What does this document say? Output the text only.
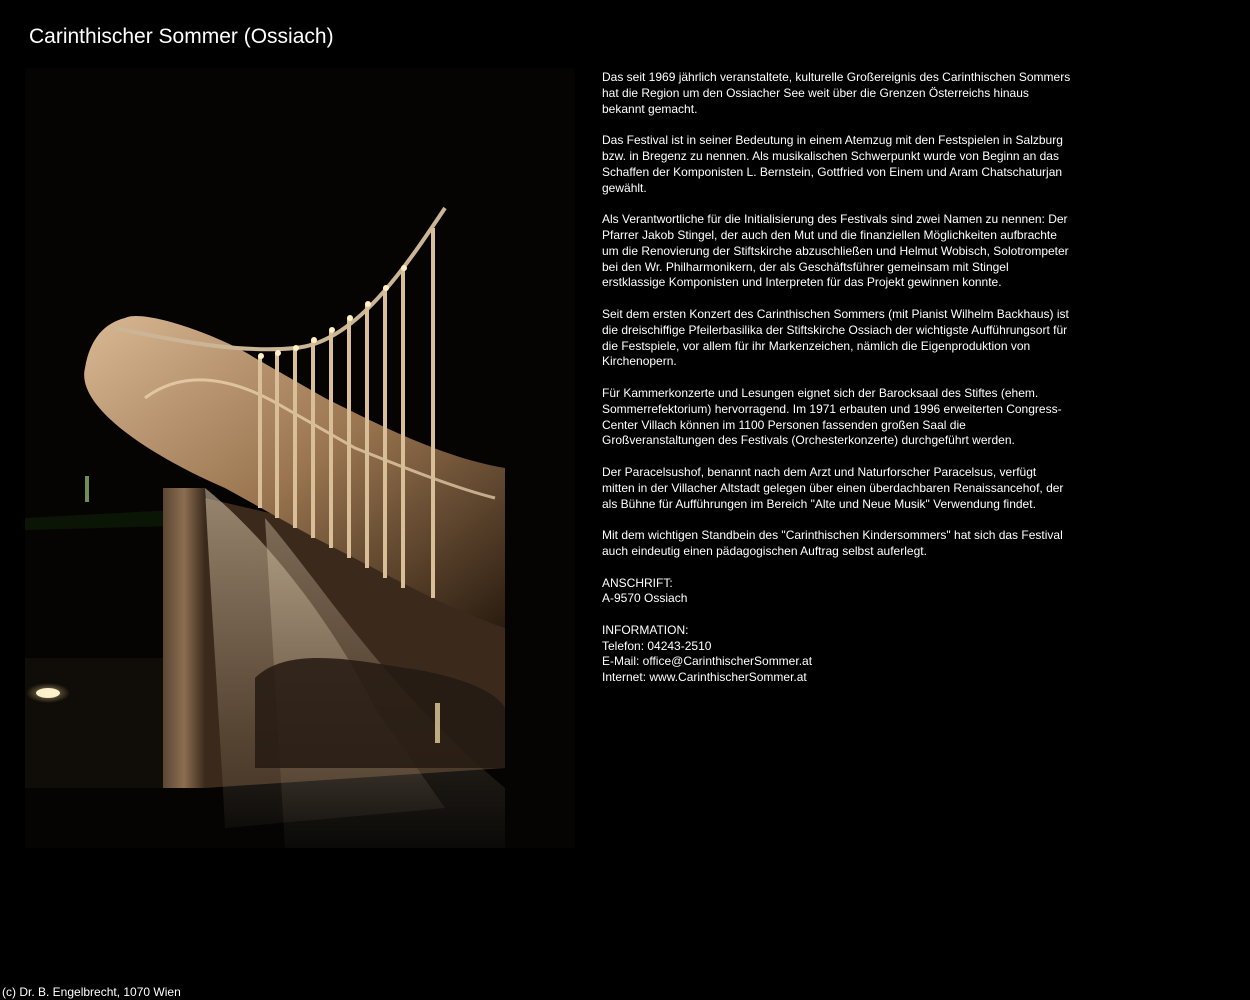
Carinthischer Sommer (Ossiach)

Das seit 1969 jährlich veranstaltete, kulturelle Großereignis des Carinthischen Sommers hat die Region um den Ossiacher See weit über die Grenzen Österreichs hinaus bekannt gemacht.

Das Festival ist in seiner Bedeutung in einem Atemzug mit den Festspielen in Salzburg bzw. in Bregenz zu nennen. Als musikalischen Schwerpunkt wurde von Beginn an das Schaffen der Komponisten L. Bernstein, Gottfried von Einem und Aram Chatschaturjan gewählt.

Als Verantwortliche für die Initialisierung des Festivals sind zwei Namen zu nennen: Der Pfarrer Jakob Stingel, der auch den Mut und die finanziellen Möglichkeiten aufbrachte um die Renovierung der Stiftskirche abzuschließen und Helmut Wobisch, Solotrompeter bei den Wr. Philharmonikern, der als Geschäftsführer gemeinsam mit Stingel erstklassige Komponisten und Interpreten für das Projekt gewinnen konnte.

Seit dem ersten Konzert des Carinthischen Sommers (mit Pianist Wilhelm Backhaus) ist die dreischiffige Pfeilerbasilika der Stiftskirche Ossiach der wichtigste Aufführungsort für die Festspiele, vor allem für ihr Markenzeichen, nämlich die Eigenproduktion von Kirchenopern.

Für Kammerkonzerte und Lesungen eignet sich der Barocksaal des Stiftes (ehem. Sommerrefektorium) hervorragend. Im 1971 erbauten und 1996 erweiterten Congress-Center Villach können im 1100 Personen fassenden großen Saal die Großveranstaltungen des Festivals (Orchesterkonzerte) durchgeführt werden.

Der Paracelsushof, benannt nach dem Arzt und Naturforscher Paracelsus, verfügt mitten in der Villacher Altstadt gelegen über einen überdachbaren Renaissancehof, der als Bühne für Aufführungen im Bereich "Alte und Neue Musik" Verwendung findet.

Mit dem wichtigen Standbein des "Carinthischen Kindersommers" hat sich das Festival auch eindeutig einen pädagogischen Auftrag selbst auferlegt.

ANSCHRIFT:
A-9570 Ossiach
INFORMATION:
Telefon: 04243-2510
E-Mail: office@CarinthischerSommer.at
Internet: www.CarinthischerSommer.at
(c) Dr. B. Engelbrecht, 1070 Wien
